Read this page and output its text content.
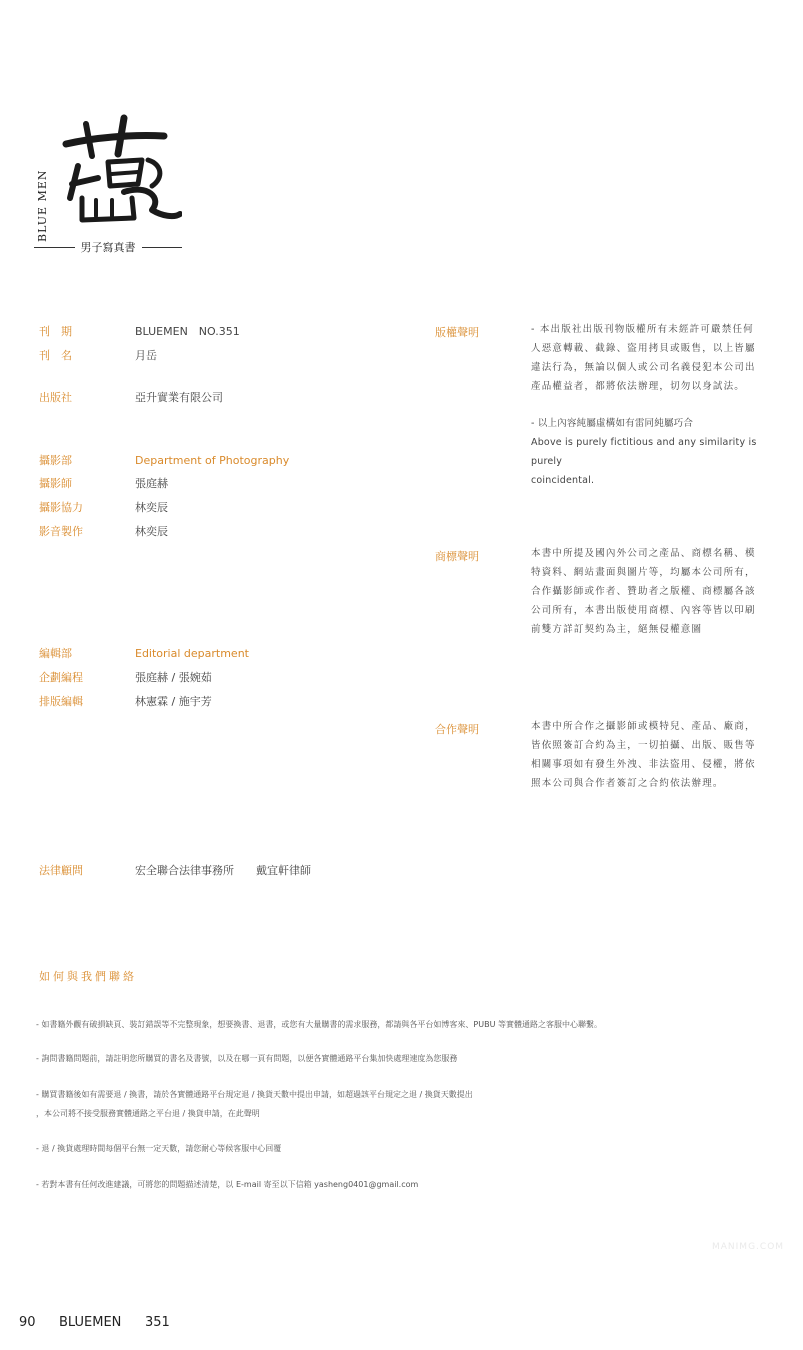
BLUE MEN
男子寫真書
刊　期	BLUEMEN　NO.351
刊　名	月岳
出版社	亞升實業有限公司
攝影部	Department of Photography
攝影師	張庭赫
攝影協力	林奕辰
影音製作	林奕辰
編輯部	Editorial department
企劃編程	張庭赫 / 張婉茹
排版編輯	林憲霖 / 施宇芳
法律顧問	宏全聯合法律事務所　　戴宜軒律師
版權聲明	- 本出版社出版刊物版權所有未經許可嚴禁任何
人惡意轉載、截錄、盜用拷貝或販售，以上皆屬
違法行為，無論以個人或公司名義侵犯本公司出
產品權益者，都將依法辦理，切勿以身試法。
- 以上內容純屬虛構如有雷同純屬巧合
Above is purely fictitious and any similarity is purely
coincidental.
商標聲明	本書中所提及國內外公司之產品、商標名稱、模
特資料、網站畫面與圖片等，均屬本公司所有，
合作攝影師或作者、贊助者之版權、商標屬各該
公司所有，本書出版使用商標、內容等皆以印刷
前雙方詳訂契約為主，絕無侵權意圖
合作聲明	本書中所合作之攝影師或模特兒、產品、廠商，
皆依照簽訂合約為主，一切拍攝、出版、販售等
相關事項如有發生外洩、非法盜用、侵權，將依
照本公司與合作者簽訂之合約依法辦理。
如何與我們聯絡
- 如書籍外觀有破損缺頁、裝訂錯誤等不完整現象，想要換書、退書，或您有大量購書的需求服務，都請與各平台如博客來、PUBU 等實體通路之客服中心聯繫。
- 詢問書籍問題前，請註明您所購買的書名及書號，以及在哪一頁有問題，以便各實體通路平台集加快處理速度為您服務
- 購買書籍後如有需要退 / 換書，請於各實體通路平台規定退 / 換貨天數中提出申請，如超過該平台規定之退 / 換貨天數提出
，本公司將不接受服務實體通路之平台退 / 換貨申請，在此聲明
- 退 / 換貨處理時間每個平台無一定天數，請您耐心等候客服中心回覆
- 若對本書有任何改進建議，可將您的問題描述清楚，以 E-mail 寄至以下信箱 yasheng0401@gmail.com
MANIMG.COM
90	BLUEMEN	351
